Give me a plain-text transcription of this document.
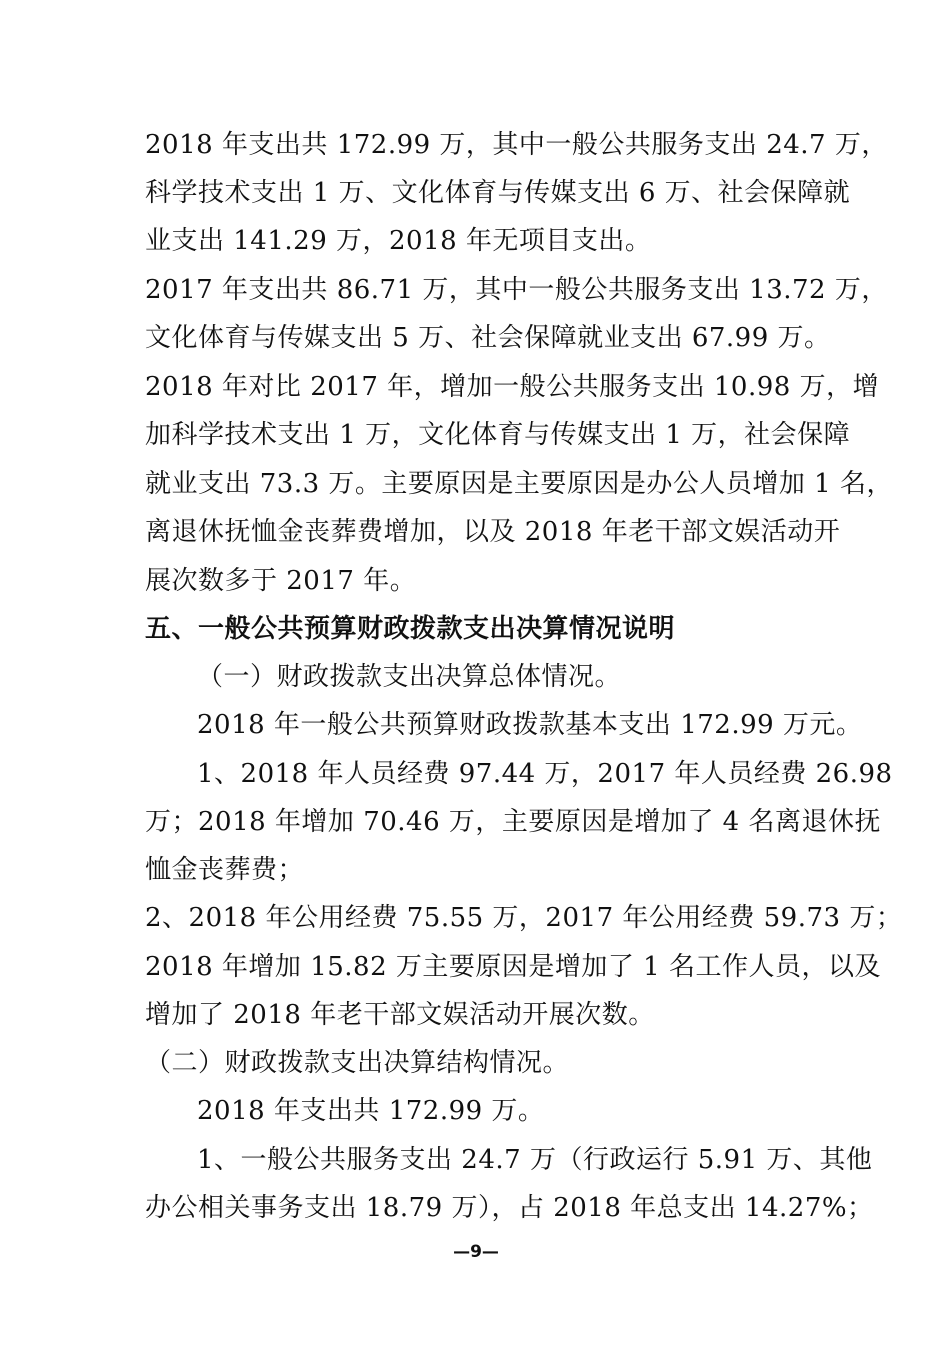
2018 年支出共 172.99 万，其中一般公共服务支出 24.7 万，
科学技术支出 1 万、文化体育与传媒支出 6 万、社会保障就
业支出 141.29 万，2018 年无项目支出。
2017 年支出共 86.71 万，其中一般公共服务支出 13.72 万，
文化体育与传媒支出 5 万、社会保障就业支出 67.99 万。
2018 年对比 2017 年，增加一般公共服务支出 10.98 万，增
加科学技术支出 1 万，文化体育与传媒支出 1 万，社会保障
就业支出 73.3 万。主要原因是主要原因是办公人员增加 1 名，
离退休抚恤金丧葬费增加，以及 2018 年老干部文娱活动开
展次数多于 2017 年。
五、一般公共预算财政拨款支出决算情况说明
（一）财政拨款支出决算总体情况。
2018 年一般公共预算财政拨款基本支出 172.99 万元。
1、2018 年人员经费 97.44 万，2017 年人员经费 26.98
万；2018 年增加 70.46 万，主要原因是增加了 4 名离退休抚
恤金丧葬费；
2、2018 年公用经费 75.55 万，2017 年公用经费 59.73 万；
2018 年增加 15.82 万主要原因是增加了 1 名工作人员，以及
增加了 2018 年老干部文娱活动开展次数。
（二）财政拨款支出决算结构情况。
2018 年支出共 172.99 万。
1、一般公共服务支出 24.7 万（行政运行 5.91 万、其他
办公相关事务支出 18.79 万），占 2018 年总支出 14.27%；
—9—
